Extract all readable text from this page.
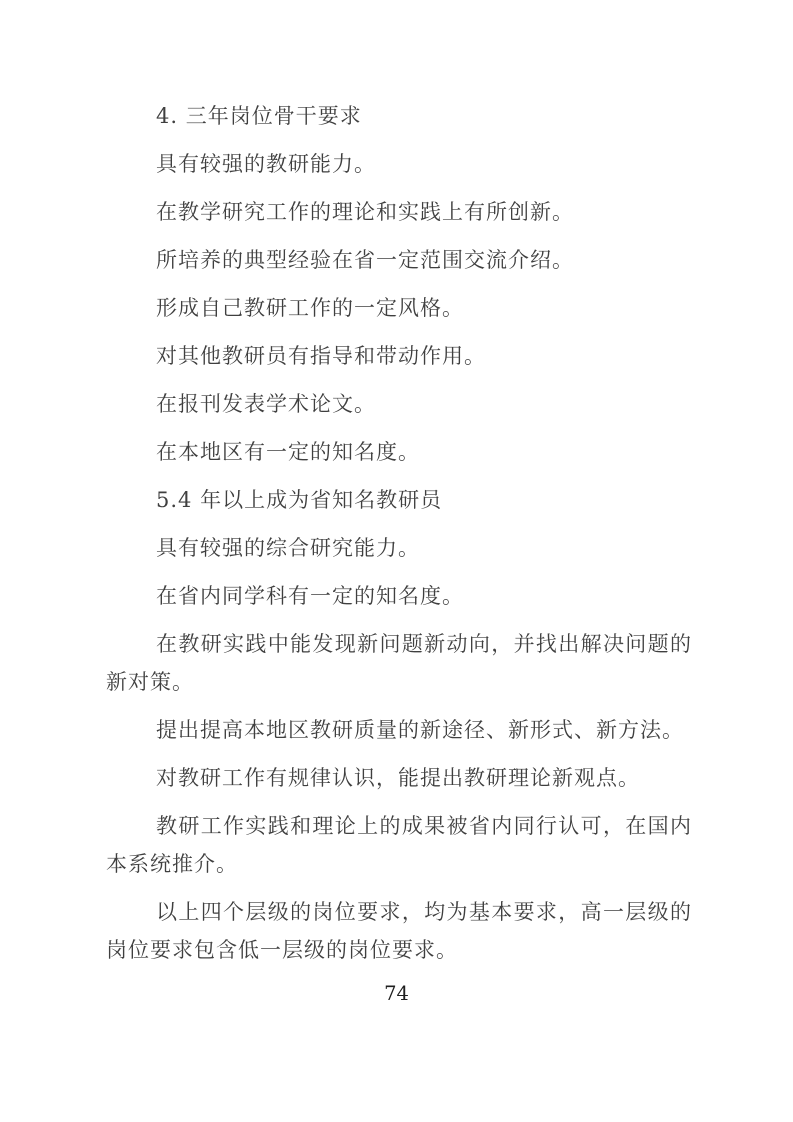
4. 三年岗位骨干要求

具有较强的教研能力。

在教学研究工作的理论和实践上有所创新。

所培养的典型经验在省一定范围交流介绍。

形成自己教研工作的一定风格。

对其他教研员有指导和带动作用。

在报刊发表学术论文。

在本地区有一定的知名度。

5.4 年以上成为省知名教研员

具有较强的综合研究能力。

在省内同学科有一定的知名度。

在教研实践中能发现新问题新动向，并找出解决问题的新对策。

提出提高本地区教研质量的新途径、新形式、新方法。

对教研工作有规律认识，能提出教研理论新观点。

教研工作实践和理论上的成果被省内同行认可，在国内本系统推介。

以上四个层级的岗位要求，均为基本要求，高一层级的岗位要求包含低一层级的岗位要求。

74
